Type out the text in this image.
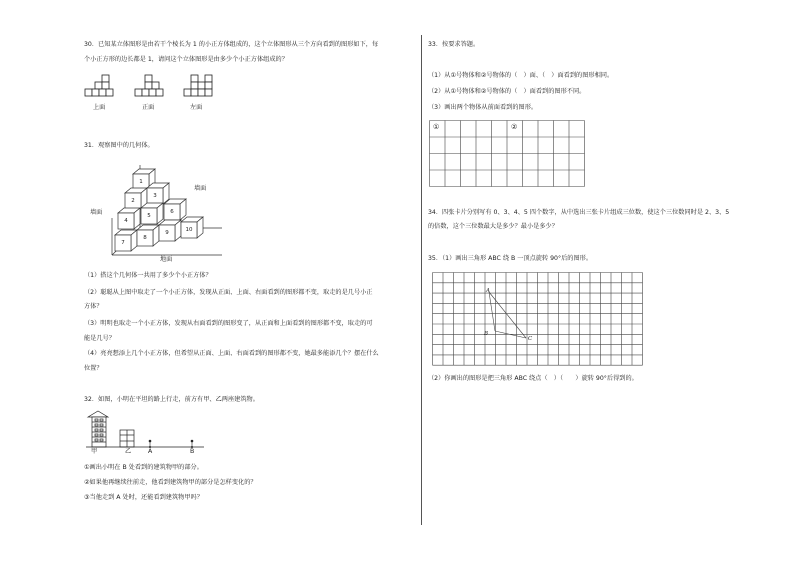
30．已知某立体图形是由若干个棱长为 1 的小正方体组成的，这个立体图形从三个方向看到的图形如下，每
个小正方形的边长都是 1，请问这个立体图形是由多少个小正方体组成的？
上面	正面	左面
31．观察图中的几何体。
1
2
3
4
5
6
7
8
9	10
墙面
墙面
地面
（1）搭这个几何体一共用了多少个小正方体？
（2）聪聪从上图中取走了一个小正方体，发现从正面、上面、右面看到的图形都不变，取走的是几号小正
方体？
（3）明明也取走一个小正方体，发现从右面看到的图形变了，从正面和上面看到的图形都不变，取走的可
能是几号？
（4）亮亮想添上几个小正方体，但希望从正面、上面、右面看到的图形都不变，她最多能添几个？摆在什么
位置？
32．如图，小明在平坦的路上行走，前方有甲、乙两座建筑物。
甲	乙	A	B
①画出小明在 B 处看到的建筑物甲的部分。
②如果他再继续往前走，他看到建筑物甲的部分是怎样变化的？
③当他走到 A 处时，还能看到建筑物甲吗？
33．按要求答题。
（1）从①号物体和②号物体的（　）面、（　）面看到的图形相同。
（2）从①号物体和②号物体的（　）面看到的图形不同。
（3）画出两个物体从前面看到的图形。
①	②
34．四张卡片分别写有 0、3、4、5 四个数字，从中选出三张卡片组成三位数，使这个三位数同时是 2、3、5
的倍数，这个三位数最大是多少？最小是多少？
35．（1）画出三角形 ABC 绕 B 一顶点旋转 90°后的图形。
A
B
C
（2）你画出的图形是把三角形 ABC 绕点（　）（　　）旋转 90°后得到的。
